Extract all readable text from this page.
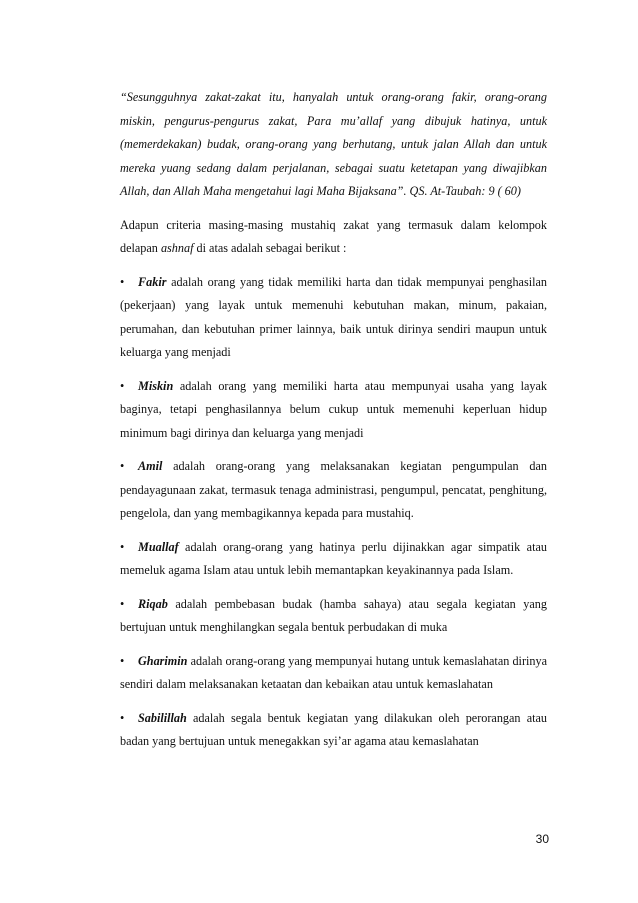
“Sesungguhnya zakat-zakat itu, hanyalah untuk orang-orang fakir, orang-orang miskin, pengurus-pengurus zakat, Para mu’allaf yang dibujuk hatinya, untuk (memerdekakan) budak, orang-orang yang berhutang, untuk jalan Allah dan untuk mereka yuang sedang dalam perjalanan, sebagai suatu ketetapan yang diwajibkan Allah, dan Allah Maha mengetahui lagi Maha Bijaksana”. QS. At-Taubah: 9 ( 60)

Adapun criteria masing-masing mustahiq zakat yang termasuk dalam kelompok delapan ashnaf di atas adalah sebagai berikut :

• Fakir adalah orang yang tidak memiliki harta dan tidak mempunyai penghasilan (pekerjaan) yang layak untuk memenuhi kebutuhan makan, minum, pakaian, perumahan, dan kebutuhan primer lainnya, baik untuk dirinya sendiri maupun untuk keluarga yang menjadi
• Miskin adalah orang yang memiliki harta atau mempunyai usaha yang layak baginya, tetapi penghasilannya belum cukup untuk memenuhi keperluan hidup minimum bagi dirinya dan keluarga yang menjadi
• Amil adalah orang-orang yang melaksanakan kegiatan pengumpulan dan pendayagunaan zakat, termasuk tenaga administrasi, pengumpul, pencatat, penghitung, pengelola, dan yang membagikannya kepada para mustahiq.
• Muallaf adalah orang-orang yang hatinya perlu dijinakkan agar simpatik atau memeluk agama Islam atau untuk lebih memantapkan keyakinannya pada Islam.
• Riqab adalah pembebasan budak (hamba sahaya) atau segala kegiatan yang bertujuan untuk menghilangkan segala bentuk perbudakan di muka
• Gharimin adalah orang-orang yang mempunyai hutang untuk kemaslahatan dirinya sendiri dalam melaksanakan ketaatan dan kebaikan atau untuk kemaslahatan
• Sabilillah adalah segala bentuk kegiatan yang dilakukan oleh perorangan atau badan yang bertujuan untuk menegakkan syi’ar agama atau kemaslahatan
30
